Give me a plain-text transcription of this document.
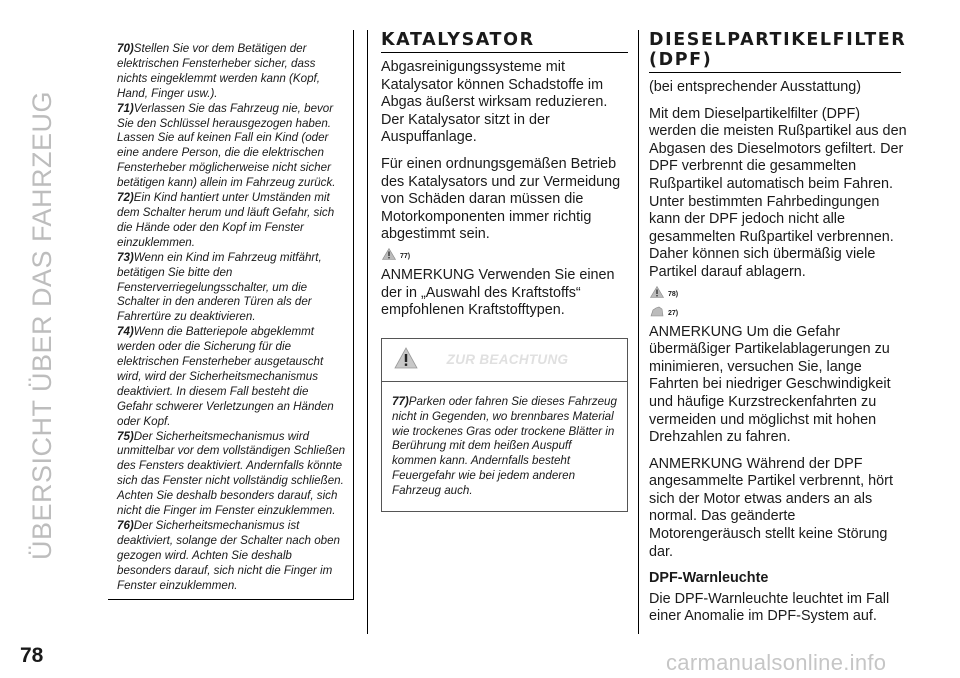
ÜBERSICHT ÜBER DAS FAHRZEUG

70)Stellen Sie vor dem Betätigen der elektrischen Fensterheber sicher, dass nichts eingeklemmt werden kann (Kopf, Hand, Finger usw.).

71)Verlassen Sie das Fahrzeug nie, bevor Sie den Schlüssel herausgezogen haben. Lassen Sie auf keinen Fall ein Kind (oder eine andere Person, die die elektrischen Fensterheber möglicherweise nicht sicher betätigen kann) allein im Fahrzeug zurück.

72)Ein Kind hantiert unter Umständen mit dem Schalter herum und läuft Gefahr, sich die Hände oder den Kopf im Fenster einzuklemmen.

73)Wenn ein Kind im Fahrzeug mitfährt, betätigen Sie bitte den Fensterverriegelungsschalter, um die Schalter in den anderen Türen als der Fahrertüre zu deaktivieren.

74)Wenn die Batteriepole abgeklemmt werden oder die Sicherung für die elektrischen Fensterheber ausgetauscht wird, wird der Sicherheitsmechanismus deaktiviert. In diesem Fall besteht die Gefahr schwerer Verletzungen an Händen oder Kopf.

75)Der Sicherheitsmechanismus wird unmittelbar vor dem vollständigen Schließen des Fensters deaktiviert. Andernfalls könnte sich das Fenster nicht vollständig schließen. Achten Sie deshalb besonders darauf, sich nicht die Finger im Fenster einzuklemmen.

76)Der Sicherheitsmechanismus ist deaktiviert, solange der Schalter nach oben gezogen wird. Achten Sie deshalb besonders darauf, sich nicht die Finger im Fenster einzuklemmen.

KATALYSATOR

Abgasreinigungssysteme mit Katalysator können Schadstoffe im Abgas äußerst wirksam reduzieren. Der Katalysator sitzt in der Auspuffanlage.

Für einen ordnungsgemäßen Betrieb des Katalysators und zur Vermeidung von Schäden daran müssen die Motorkomponenten immer richtig abgestimmt sein.

77)

ANMERKUNG Verwenden Sie einen der in „Auswahl des Kraftstoffs“ empfohlenen Kraftstofftypen.

ZUR BEACHTUNG

77)Parken oder fahren Sie dieses Fahrzeug nicht in Gegenden, wo brennbares Material wie trockenes Gras oder trockene Blätter in Berührung mit dem heißen Auspuff kommen kann. Andernfalls besteht Feuergefahr wie bei jedem anderen Fahrzeug auch.

DIESELPARTIKELFILTER (DPF)

(bei entsprechender Ausstattung)

Mit dem Dieselpartikelfilter (DPF) werden die meisten Rußpartikel aus den Abgasen des Dieselmotors gefiltert. Der DPF verbrennt die gesammelten Rußpartikel automatisch beim Fahren. Unter bestimmten Fahrbedingungen kann der DPF jedoch nicht alle gesammelten Rußpartikel verbrennen. Daher können sich übermäßig viele Partikel darauf ablagern.

78)
27)

ANMERKUNG Um die Gefahr übermäßiger Partikelablagerungen zu minimieren, versuchen Sie, lange Fahrten bei niedriger Geschwindigkeit und häufige Kurzstreckenfahrten zu vermeiden und möglichst mit hohen Drehzahlen zu fahren.

ANMERKUNG Während der DPF angesammelte Partikel verbrennt, hört sich der Motor etwas anders an als normal. Das geänderte Motorengeräusch stellt keine Störung dar.

DPF-Warnleuchte

Die DPF-Warnleuchte leuchtet im Fall einer Anomalie im DPF-System auf.

78	carmanualsonline.info
